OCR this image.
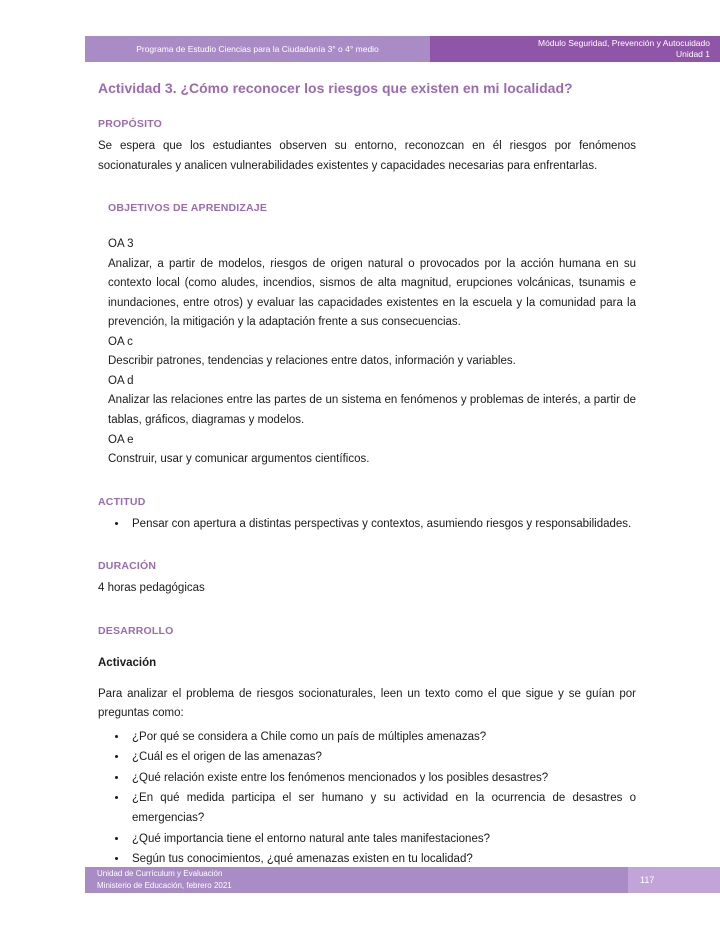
Programa de Estudio Ciencias para la Ciudadanía 3° o 4° medio
Módulo Seguridad, Prevención y Autocuidado
Unidad 1
Actividad 3. ¿Cómo reconocer los riesgos que existen en mi localidad?
PROPÓSITO

Se espera que los estudiantes observen su entorno, reconozcan en él riesgos por fenómenos socionaturales y analicen vulnerabilidades existentes y capacidades necesarias para enfrentarlas.

OBJETIVOS DE APRENDIZAJE
OA 3

Analizar, a partir de modelos, riesgos de origen natural o provocados por la acción humana en su contexto local (como aludes, incendios, sismos de alta magnitud, erupciones volcánicas, tsunamis e inundaciones, entre otros) y evaluar las capacidades existentes en la escuela y la comunidad para la prevención, la mitigación y la adaptación frente a sus consecuencias.

OA c

Describir patrones, tendencias y relaciones entre datos, información y variables.

OA d

Analizar las relaciones entre las partes de un sistema en fenómenos y problemas de interés, a partir de tablas, gráficos, diagramas y modelos.

OA e

Construir, usar y comunicar argumentos científicos.

ACTITUD
• Pensar con apertura a distintas perspectivas y contextos, asumiendo riesgos y responsabilidades.
DURACIÓN

4 horas pedagógicas

DESARROLLO
Activación

Para analizar el problema de riesgos socionaturales, leen un texto como el que sigue y se guían por preguntas como:

• ¿Por qué se considera a Chile como un país de múltiples amenazas?
• ¿Cuál es el origen de las amenazas?
• ¿Qué relación existe entre los fenómenos mencionados y los posibles desastres?
• ¿En qué medida participa el ser humano y su actividad en la ocurrencia de desastres o emergencias?
• ¿Qué importancia tiene el entorno natural ante tales manifestaciones?
• Según tus conocimientos, ¿qué amenazas existen en tu localidad?
Unidad de Currículum y Evaluación
Ministerio de Educación, febrero 2021
117
